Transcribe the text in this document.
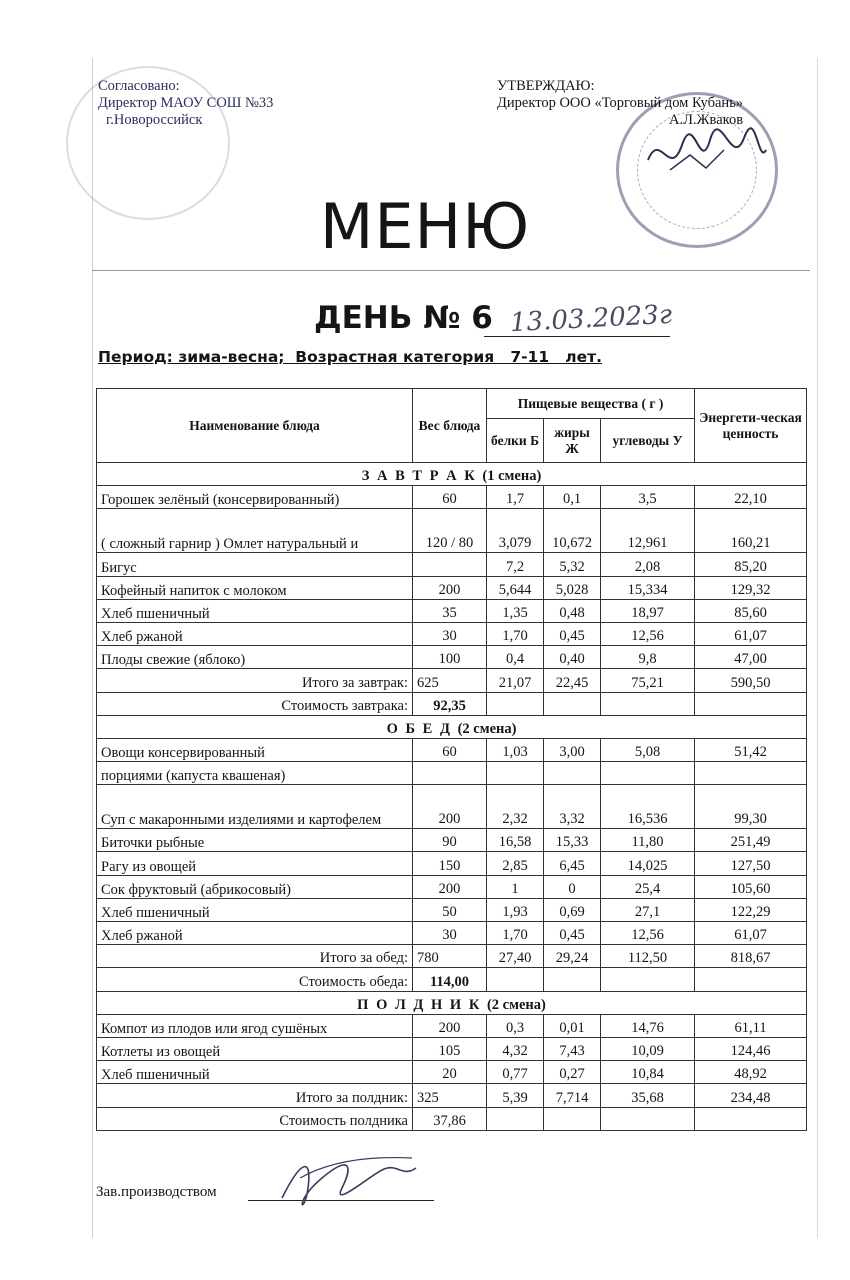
Согласовано:
Директор МАОУ СОШ №33
г.Новороссийск
УТВЕРЖДАЮ:
Директор ООО «Торговый дом Кубань»
А.Л.Жваков
МЕНЮ
ДЕНЬ № 6 13.03.2023г
Период: зима-весна;  Возрастная категория   7-11   лет.
Наименование блюда	Вес блюда	Пищевые вещества ( г )			Энергети-ческая ценность
		белки Б	жиры Ж	углеводы У	
З А В Т Р А К (1 смена)					
Горошек зелёный (консервированный)	60	1,7	0,1	3,5	22,10
( сложный гарнир ) Омлет натуральный и	120 / 80	3,079	10,672	12,961	160,21
Бигус		7,2	5,32	2,08	85,20
Кофейный напиток с молоком	200	5,644	5,028	15,334	129,32
Хлеб пшеничный	35	1,35	0,48	18,97	85,60
Хлеб ржаной	30	1,70	0,45	12,56	61,07
Плоды свежие (яблоко)	100	0,4	0,40	9,8	47,00
Итого за завтрак:	625	21,07	22,45	75,21	590,50
Стоимость завтрака:	92,35				
О Б Е Д (2 смена)					
Овощи консервированный	60	1,03	3,00	5,08	51,42
порциями (капуста квашеная)					
Суп с макаронными изделиями и картофелем	200	2,32	3,32	16,536	99,30
Биточки рыбные	90	16,58	15,33	11,80	251,49
Рагу из овощей	150	2,85	6,45	14,025	127,50
Сок фруктовый (абрикосовый)	200	1	0	25,4	105,60
Хлеб пшеничный	50	1,93	0,69	27,1	122,29
Хлеб ржаной	30	1,70	0,45	12,56	61,07
Итого за обед:	780	27,40	29,24	112,50	818,67
Стоимость обеда:	114,00				
П О Л Д Н И К (2 смена)					
Компот из плодов или ягод сушёных	200	0,3	0,01	14,76	61,11
Котлеты из овощей	105	4,32	7,43	10,09	124,46
Хлеб пшеничный	20	0,77	0,27	10,84	48,92
Итого за полдник:	325	5,39	7,714	35,68	234,48
Стоимость полдника	37,86				
Зав.производством
